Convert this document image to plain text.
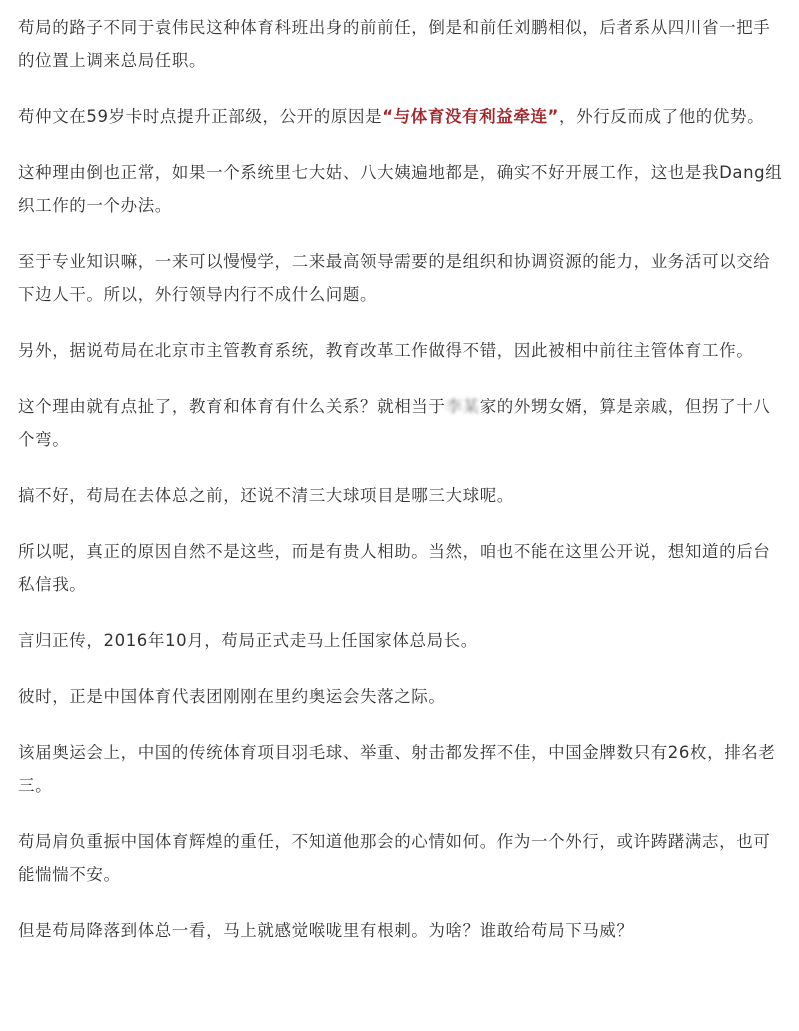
苟局的路子不同于袁伟民这种体育科班出身的前前任，倒是和前任刘鹏相似，后者系从四川省一把手的位置上调来总局任职。

苟仲文在59岁卡时点提升正部级，公开的原因是“与体育没有利益牵连”，外行反而成了他的优势。

这种理由倒也正常，如果一个系统里七大姑、八大姨遍地都是，确实不好开展工作，这也是我Dang组织工作的一个办法。

至于专业知识嘛，一来可以慢慢学，二来最高领导需要的是组织和协调资源的能力，业务活可以交给下边人干。所以，外行领导内行不成什么问题。

另外，据说苟局在北京市主管教育系统，教育改革工作做得不错，因此被相中前往主管体育工作。

这个理由就有点扯了，教育和体育有什么关系？就相当于李某家的外甥女婿，算是亲戚，但拐了十八个弯。

搞不好，苟局在去体总之前，还说不清三大球项目是哪三大球呢。

所以呢，真正的原因自然不是这些，而是有贵人相助。当然，咱也不能在这里公开说，想知道的后台私信我。

言归正传，2016年10月，苟局正式走马上任国家体总局长。

彼时，正是中国体育代表团刚刚在里约奥运会失落之际。

该届奥运会上，中国的传统体育项目羽毛球、举重、射击都发挥不佳，中国金牌数只有26枚，排名老三。

苟局肩负重振中国体育辉煌的重任，不知道他那会的心情如何。作为一个外行，或许踌躇满志，也可能惴惴不安。

但是苟局降落到体总一看，马上就感觉喉咙里有根刺。为啥？谁敢给苟局下马威？
